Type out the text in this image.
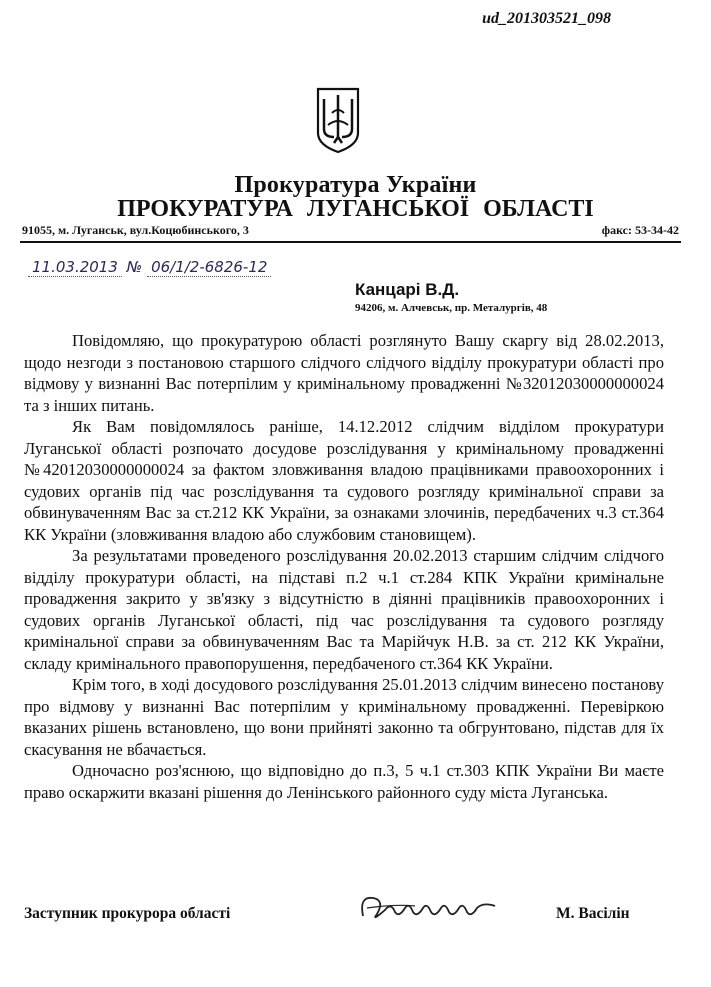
ud_201303521_098
Прокуратура України
ПРОКУРАТУРА ЛУГАНСЬКОЇ ОБЛАСТІ
91055, м. Луганськ, вул.Коцюбинського, 3	факс: 53-34-42
11.03.2013 № 06/1/2-6826-12
Канцарі В.Д.
94206, м. Алчевськ, пр. Металургів, 48

Повідомляю, що прокуратурою області розглянуто Вашу скаргу від 28.02.2013, щодо незгоди з постановою старшого слідчого слідчого відділу прокуратури області про відмову у визнанні Вас потерпілим у кримінальному провадженні №32012030000000024 та з інших питань.

Як Вам повідомлялось раніше, 14.12.2012 слідчим відділом прокуратури Луганської області розпочато досудове розслідування у кримінальному провадженні №42012030000000024 за фактом зловживання владою працівниками правоохоронних і судових органів під час розслідування та судового розгляду кримінальної справи за обвинуваченням Вас за ст.212 КК України, за ознаками злочинів, передбачених ч.3 ст.364 КК України (зловживання владою або службовим становищем).

За результатами проведеного розслідування 20.02.2013 старшим слідчим слідчого відділу прокуратури області, на підставі п.2 ч.1 ст.284 КПК України кримінальне провадження закрито у зв'язку з відсутністю в діянні працівників правоохоронних і судових органів Луганської області, під час розслідування та судового розгляду кримінальної справи за обвинуваченням Вас та Марійчук Н.В. за ст. 212 КК України, складу кримінального правопорушення, передбаченого ст.364 КК України.

Крім того, в ході досудового розслідування 25.01.2013 слідчим винесено постанову про відмову у визнанні Вас потерпілим у кримінальному провадженні. Перевіркою вказаних рішень встановлено, що вони прийняті законно та обгрунтовано, підстав для їх скасування не вбачається.

Одночасно роз'яснюю, що відповідно до п.3, 5 ч.1 ст.303 КПК України Ви маєте право оскаржити вказані рішення до Ленінського районного суду міста Луганська.

Заступник прокурора області	М. Васілін
